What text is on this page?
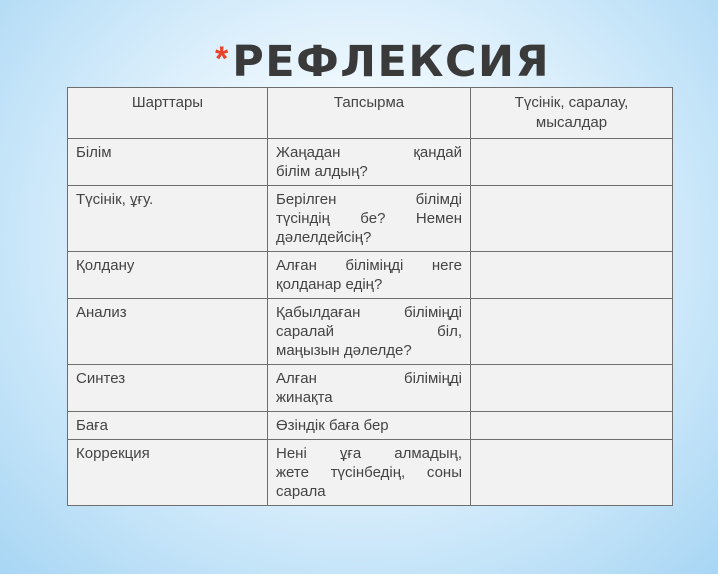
* РЕФЛЕКСИЯ
Шарттары	Тапсырма	Түсінік, саралау, мысалдар

Білім	Жаңадан қандай
білім алдың?	

Түсінік, ұғу.	Берілген білімді
түсіндің бе? Немен
дәлелдейсің?	

Қолдану	Алған біліміңді неге
қолданар едің?	

Анализ	Қабылдаған біліміңді
саралай біл,
маңызын дәлелде?	

Синтез	Алған біліміңді
жинақта	

Баға	Өзіндік баға бер	

Коррекция	Нені ұға алмадың,
жете түсінбедің, соны
сарала	
